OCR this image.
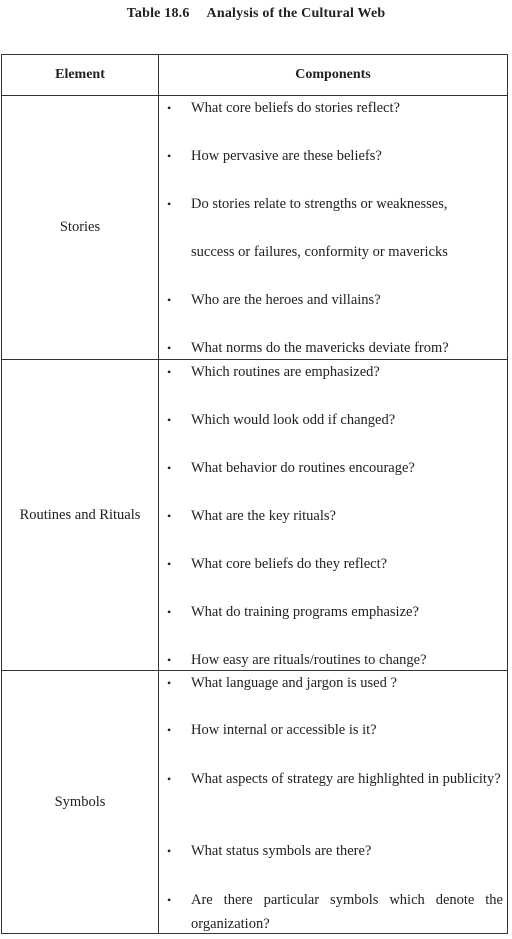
Table 18.6 Analysis of the Cultural Web
Element	Components
Stories
• What core beliefs do stories reflect?
• How pervasive are these beliefs?
• Do stories relate to strengths or weaknesses,
success or failures, conformity or mavericks
• Who are the heroes and villains?
• What norms do the mavericks deviate from?
Routines and Rituals
• Which routines are emphasized?
• Which would look odd if changed?
• What behavior do routines encourage?
• What are the key rituals?
• What core beliefs do they reflect?
• What do training programs emphasize?
• How easy are rituals/routines to change?
Symbols
• What language and jargon is used ?
• How internal or accessible is it?
• What aspects of strategy are highlighted in publicity?
• What status symbols are there?
• Are there particular symbols which denote the organization?
